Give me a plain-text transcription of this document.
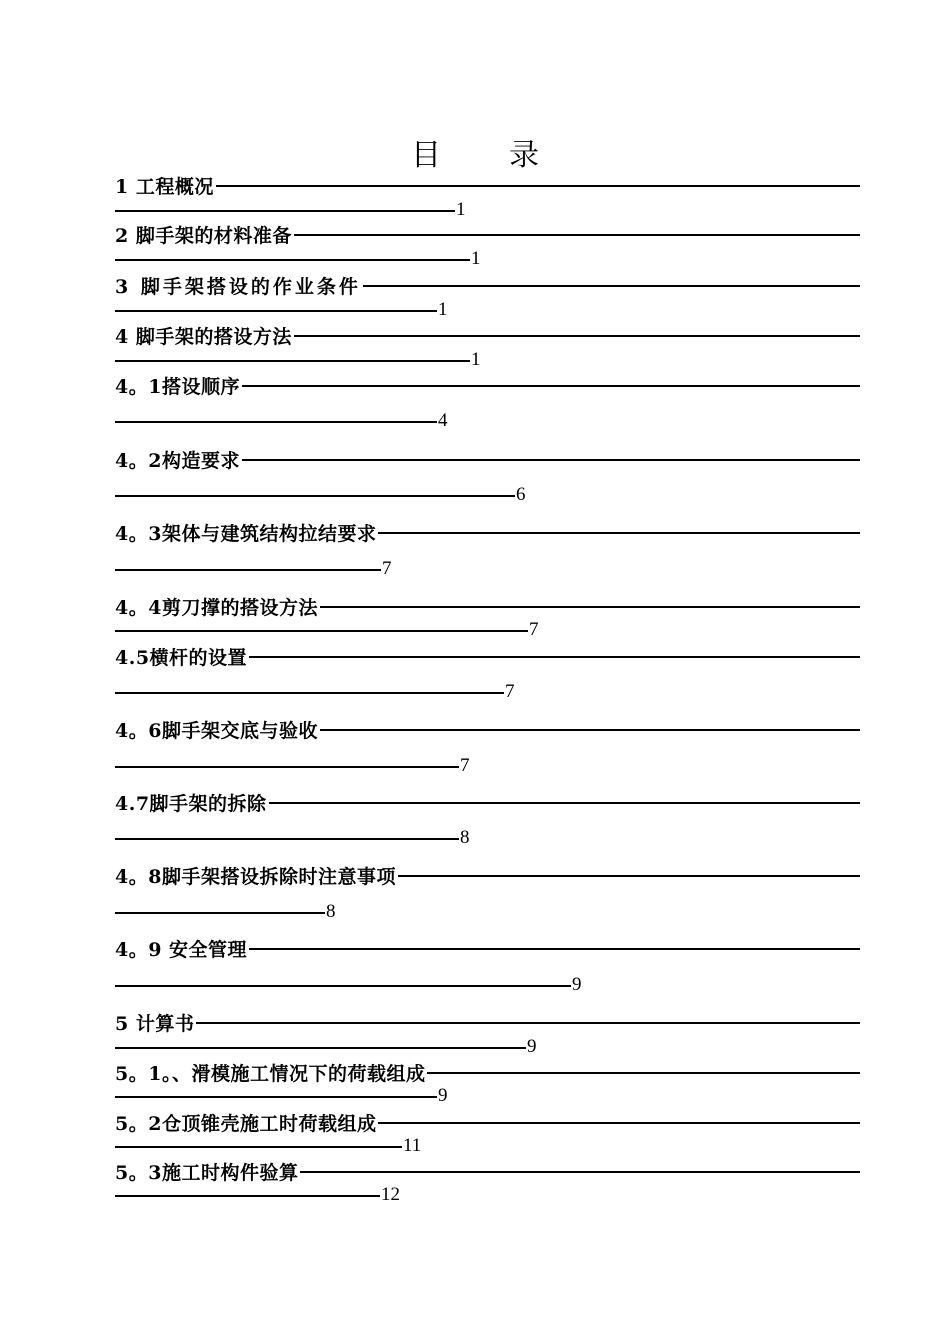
目 录
1 工程概况
1
2 脚手架的材料准备
1
3 脚手架搭设的作业条件
1
4 脚手架的搭设方法
1
4。1搭设顺序
4
4。2构造要求
6
4。3架体与建筑结构拉结要求
7
4。4剪刀撑的搭设方法
7
4.5横杆的设置
7
4。6脚手架交底与验收
7
4.7脚手架的拆除
8
4。8脚手架搭设拆除时注意事项
8
4。9 安全管理
9
5 计算书
9
5。1。、滑模施工情况下的荷载组成
9
5。2仓顶锥壳施工时荷载组成
11
5。3施工时构件验算
12
